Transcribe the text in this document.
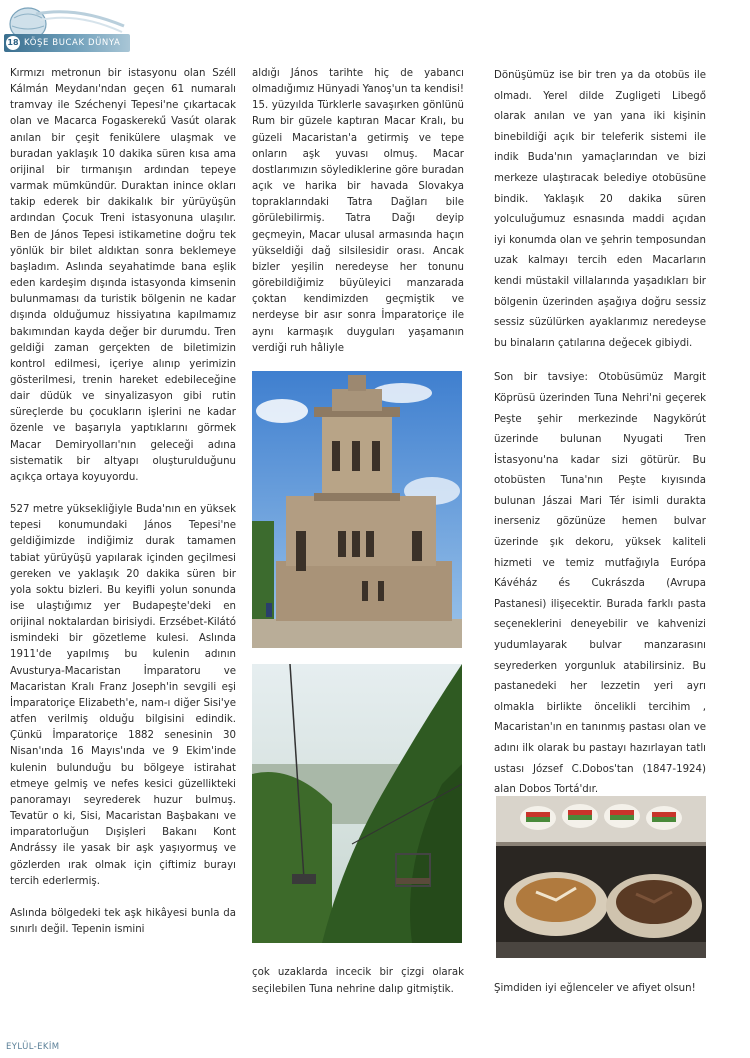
18 KÖŞE BUCAK DÜNYA

Kırmızı metronun bir istasyonu olan Széll Kálmán Meydanı'ndan geçen 61 numaralı tramvay ile Széchenyi Tepesi'ne çıkartacak olan ve Macarca Fogaskerekű Vasút olarak anılan bir çeşit fenikülere ulaşmak ve buradan yaklaşık 10 dakika süren kısa ama orijinal bir tırmanışın ardından tepeye varmak mümkündür. Duraktan inince okları takip ederek bir dakikalık bir yürüyüşün ardından Çocuk Treni istasyonuna ulaşılır. Ben de János Tepesi istikametine doğru tek yönlük bir bilet aldıktan sonra beklemeye başladım. Aslında seyahatimde bana eşlik eden kardeşim dışında istasyonda kimsenin bulunmaması da turistik bölgenin ne kadar dışında olduğumuz hissiyatına kapılmamız bakımından kayda değer bir durumdu. Tren geldiği zaman gerçekten de biletimizin kontrol edilmesi, içeriye alınıp yerimizin gösterilmesi, trenin hareket edebileceğine dair düdük ve sinyalizasyon gibi rutin süreçlerde bu çocukların işlerini ne kadar özenle ve başarıyla yaptıklarını görmek Macar Demiryolları'nın geleceği adına sistematik bir altyapı oluşturulduğunu açıkça ortaya koyuyordu.

527 metre yüksekliğiyle Buda'nın en yüksek tepesi konumundaki János Tepesi'ne geldiğimizde indiğimiz durak tamamen tabiat yürüyüşü yapılarak içinden geçilmesi gereken ve yaklaşık 20 dakika süren bir yola soktu bizleri. Bu keyifli yolun sonunda ise ulaştığımız yer Budapeşte'deki en orijinal noktalardan birisiydi. Erzsébet-Kilátó ismindeki bir gözetleme kulesi. Aslında 1911'de yapılmış bu kulenin adının Avusturya-Macaristan İmparatoru ve Macaristan Kralı Franz Joseph'in sevgili eşi İmparatoriçe Elizabeth'e, nam-ı diğer Sisi'ye atfen verilmiş olduğu bilgisini edindik. Çünkü İmparatoriçe 1882 senesinin 30 Nisan'ında 16 Mayıs'ında ve 9 Ekim'inde kulenin bulunduğu bu bölgeye istirahat etmeye gelmiş ve nefes kesici güzellikteki panoramayı seyrederek huzur bulmuş. Tevatür o ki, Sisi, Macaristan Başbakanı ve imparatorluğun Dışişleri Bakanı Kont Andrássy ile yasak bir aşk yaşıyormuş ve gözlerden ırak olmak için çiftimiz burayı tercih ederlermiş.

Aslında bölgedeki tek aşk hikâyesi bunla da sınırlı değil. Tepenin ismini

aldığı János tarihte hiç de yabancı olmadığımız Hünyadi Yanoş'un ta kendisi! 15. yüzyılda Türklerle savaşırken gönlünü Rum bir güzele kaptıran Macar Kralı, bu güzeli Macaristan'a getirmiş ve tepe onların aşk yuvası olmuş. Macar dostlarımızın söylediklerine göre buradan açık ve harika bir havada Slovakya topraklarındaki Tatra Dağları bile görülebilirmiş. Tatra Dağı deyip geçmeyin, Macar ulusal armasında haçın yükseldiği dağ silsilesidir orası. Ancak bizler yeşilin neredeyse her tonunu görebildiğimiz büyüleyici manzarada çoktan kendimizden geçmiştik ve nerdeyse bir asır sonra İmparatoriçe ile aynı karmaşık duyguları yaşamanın verdiği ruh hâliyle

çok uzaklarda incecik bir çizgi olarak seçilebilen Tuna nehrine dalıp gitmiştik.

Dönüşümüz ise bir tren ya da otobüs ile olmadı. Yerel dilde Zugligeti Libegő olarak anılan ve yan yana iki kişinin binebildiği açık bir teleferik sistemi ile indik Buda'nın yamaçlarından ve bizi merkeze ulaştıracak belediye otobüsüne bindik. Yaklaşık 20 dakika süren yolculuğumuz esnasında maddi açıdan iyi konumda olan ve şehrin temposundan uzak kalmayı tercih eden Macarların kendi müstakil villalarında yaşadıkları bir bölgenin üzerinden aşağıya doğru sessiz sessiz süzülürken ayaklarımız neredeyse bu binaların çatılarına değecek gibiydi.

Son bir tavsiye: Otobüsümüz Margit Köprüsü üzerinden Tuna Nehri'ni geçerek Peşte şehir merkezinde Nagykörút üzerinde bulunan Nyugati Tren İstasyonu'na kadar sizi götürür. Bu otobüsten Tuna'nın Peşte kıyısında bulunan Jászai Mari Tér isimli durakta inerseniz gözünüze hemen bulvar üzerinde şık dekoru, yüksek kaliteli hizmeti ve temiz mutfağıyla Európa Kávéház és Cukrászda (Avrupa Pastanesi) ilişecektir. Burada farklı pasta seçeneklerini deneyebilir ve kahvenizi yudumlayarak bulvar manzarasını seyrederken yorgunluk atabilirsiniz. Bu pastanedeki her lezzetin yeri ayrı olmakla birlikte öncelikli tercihim , Macaristan'ın en tanınmış pastası olan ve adını ilk olarak bu pastayı hazırlayan tatlı ustası József C.Dobos'tan (1847-1924) alan Dobos Tortá'dır.

Şimdiden iyi eğlenceler ve afiyet olsun!
EYLÜL-EKİM
